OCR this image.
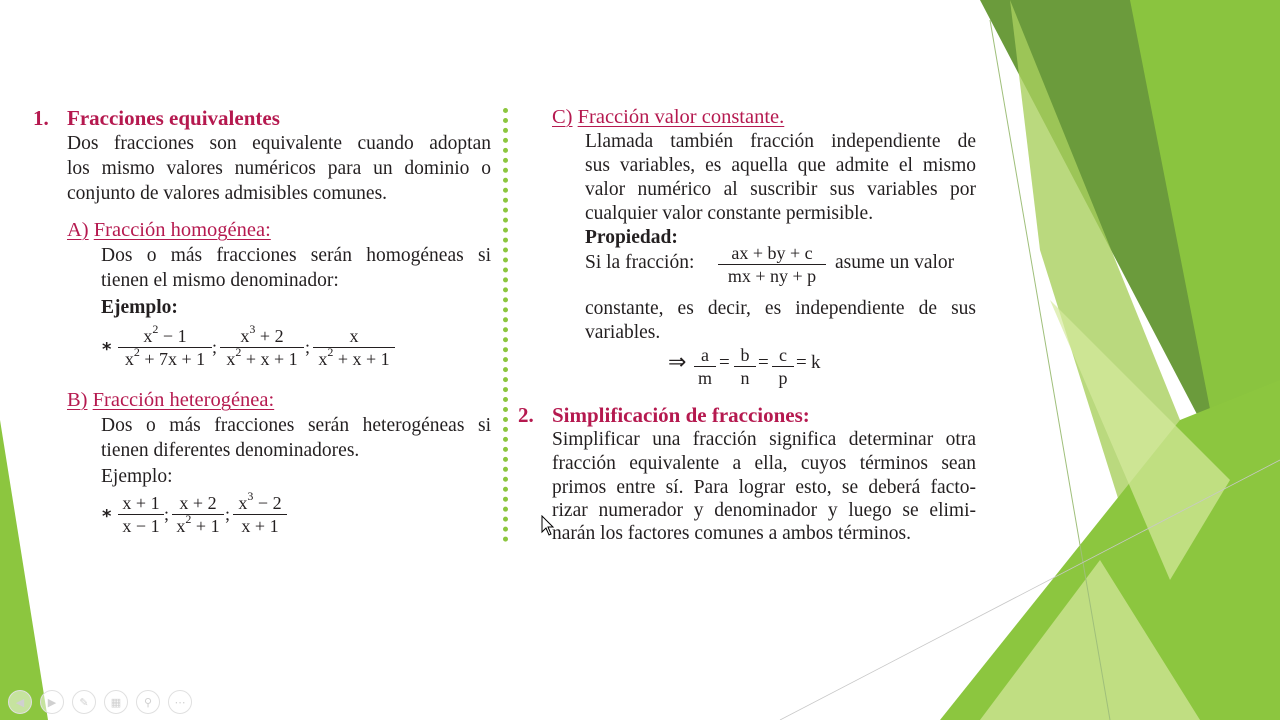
1. Fracciones equivalentes
Dos fracciones son equivalente cuando adoptan
los mismo valores numéricos para un dominio o
conjunto de valores admisibles comunes.
A) Fracción homogénea:
Dos o más fracciones serán homogéneas si
tienen el mismo denominador:
Ejemplo:
* $\frac{x^2 - 1}{x^2 + 7x + 1}$ ; $\frac{x^3 + 2}{x^2 + x + 1}$ ; $\frac{x}{x^2 + x + 1}$
B) Fracción heterogénea:
Dos o más fracciones serán heterogéneas si
tienen diferentes denominadores.
Ejemplo:
* $\frac{x + 1}{x - 1}$ ; $\frac{x + 2}{x^2 + 1}$ ; $\frac{x^3 - 2}{x + 1}$
C) Fracción valor constante.
Llamada también fracción independiente de
sus variables, es aquella que admite el mismo
valor numérico al suscribir sus variables por
cualquier valor constante permisible.
Propiedad:
Si la fracción: $\frac{ax + by + c}{mx + ny + p}$ asume un valor
constante, es decir, es independiente de sus
variables.
⇒ $\frac{a}{m} = \frac{b}{n} = \frac{c}{p} = k$
2. Simplificación de fracciones:
Simplificar una fracción significa determinar otra
fracción equivalente a ella, cuyos términos sean
primos entre sí. Para lograr esto, se deberá facto-
rizar numerador y denominador y luego se elimi-
narán los factores comunes a ambos términos.
◀	▶	✎	▦	⚲	⋯
